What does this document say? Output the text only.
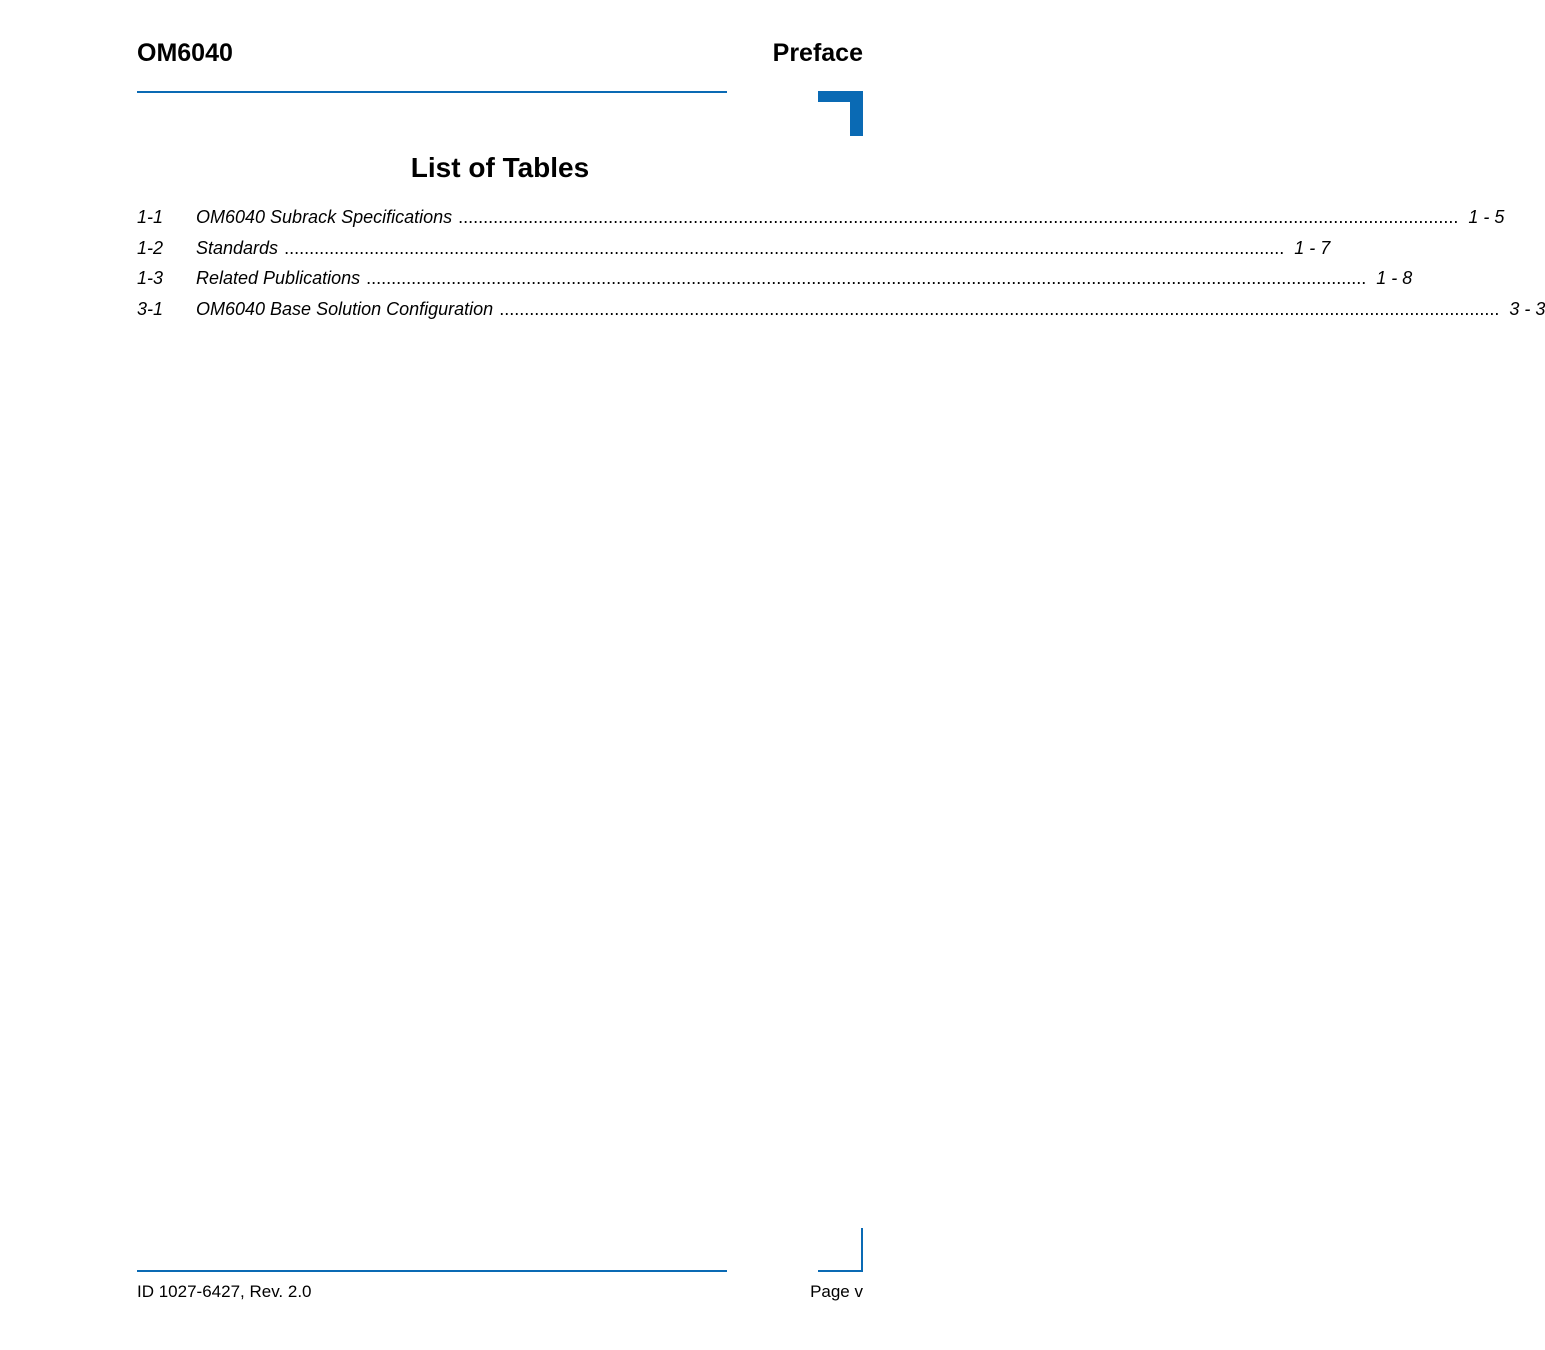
OM6040	Preface
List of Tables
1-1	OM6040 Subrack Specifications ........................................................................................................................................................................................................ 1 - 5
1-2	Standards ........................................................................................................................................................................................................ 1 - 7
1-3	Related Publications ........................................................................................................................................................................................................ 1 - 8
3-1	OM6040 Base Solution Configuration ........................................................................................................................................................................................................ 3 - 3
ID 1027-6427, Rev. 2.0	Page v
